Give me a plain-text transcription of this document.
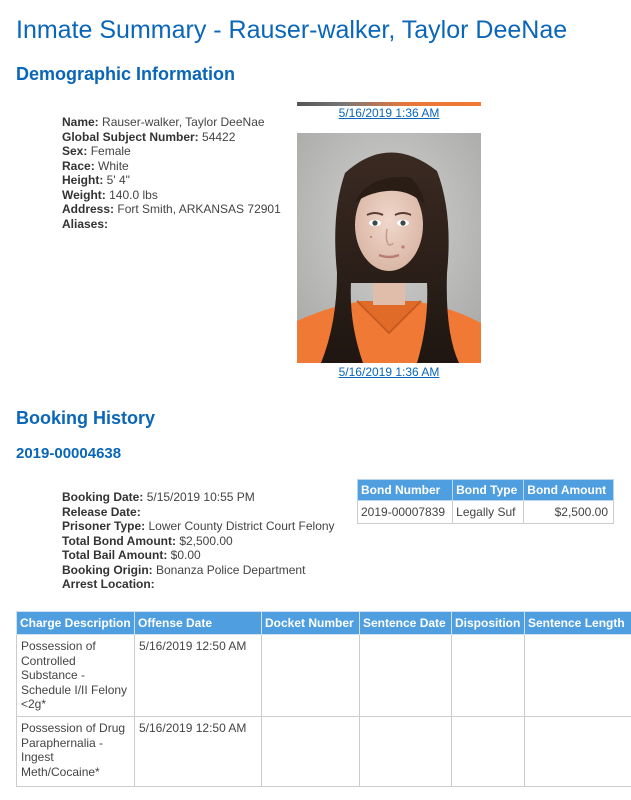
Inmate Summary - Rauser-walker, Taylor DeeNae
Demographic Information
Name: Rauser-walker, Taylor DeeNae
Global Subject Number: 54422
Sex: Female
Race: White
Height: 5' 4"
Weight: 140.0 lbs
Address: Fort Smith, ARKANSAS 72901
Aliases:
5/16/2019 1:36 AM
5/16/2019 1:36 AM
Booking History
2019-00004638
Booking Date: 5/15/2019 10:55 PM
Release Date:
Prisoner Type: Lower County District Court Felony
Total Bond Amount: $2,500.00
Total Bail Amount: $0.00
Booking Origin: Bonanza Police Department
Arrest Location:
Bond Number	Bond Type	Bond Amount
2019-00007839	Legally Suf	$2,500.00
Charge Description	Offense Date	Docket Number	Sentence Date	Disposition	Sentence Length
Possession of Controlled Substance - Schedule I/II Felony <2g*	5/16/2019 12:50 AM				
Possession of Drug Paraphernalia - Ingest Meth/Cocaine*	5/16/2019 12:50 AM				
